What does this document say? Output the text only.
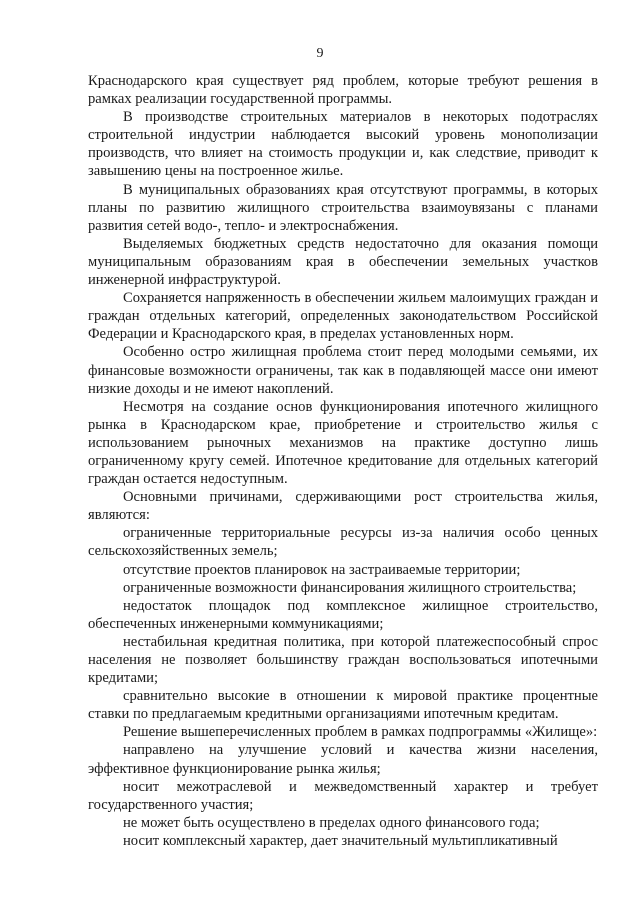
9

Краснодарского края существует ряд проблем, которые требуют решения в рамках реализации государственной программы.

В производстве строительных материалов в некоторых подотраслях строительной индустрии наблюдается высокий уровень монополизации производств, что влияет на стоимость продукции и, как следствие, приводит к завышению цены на построенное жилье.

В муниципальных образованиях края отсутствуют программы, в которых планы по развитию жилищного строительства взаимоувязаны с планами развития сетей водо-, тепло- и электроснабжения.

Выделяемых бюджетных средств недостаточно для оказания помощи муниципальным образованиям края в обеспечении земельных участков инженерной инфраструктурой.

Сохраняется напряженность в обеспечении жильем малоимущих граждан и граждан отдельных категорий, определенных законодательством Российской Федерации и Краснодарского края, в пределах установленных норм.

Особенно остро жилищная проблема стоит перед молодыми семьями, их финансовые возможности ограничены, так как в подавляющей массе они имеют низкие доходы и не имеют накоплений.

Несмотря на создание основ функционирования ипотечного жилищного рынка в Краснодарском крае, приобретение и строительство жилья с использованием рыночных механизмов на практике доступно лишь ограниченному кругу семей. Ипотечное кредитование для отдельных категорий граждан остается недоступным.

Основными причинами, сдерживающими рост строительства жилья, являются:

ограниченные территориальные ресурсы из-за наличия особо ценных сельскохозяйственных земель;

отсутствие проектов планировок на застраиваемые территории;

ограниченные возможности финансирования жилищного строительства;

недостаток площадок под комплексное жилищное строительство, обеспеченных инженерными коммуникациями;

нестабильная кредитная политика, при которой платежеспособный спрос населения не позволяет большинству граждан воспользоваться ипотечными кредитами;

сравнительно высокие в отношении к мировой практике процентные ставки по предлагаемым кредитными организациями ипотечным кредитам.

Решение вышеперечисленных проблем в рамках подпрограммы «Жилище»:

направлено на улучшение условий и качества жизни населения, эффективное функционирование рынка жилья;

носит межотраслевой и межведомственный характер и требует государственного участия;

не может быть осуществлено в пределах одного финансового года;

носит комплексный характер, дает значительный мультипликативный
